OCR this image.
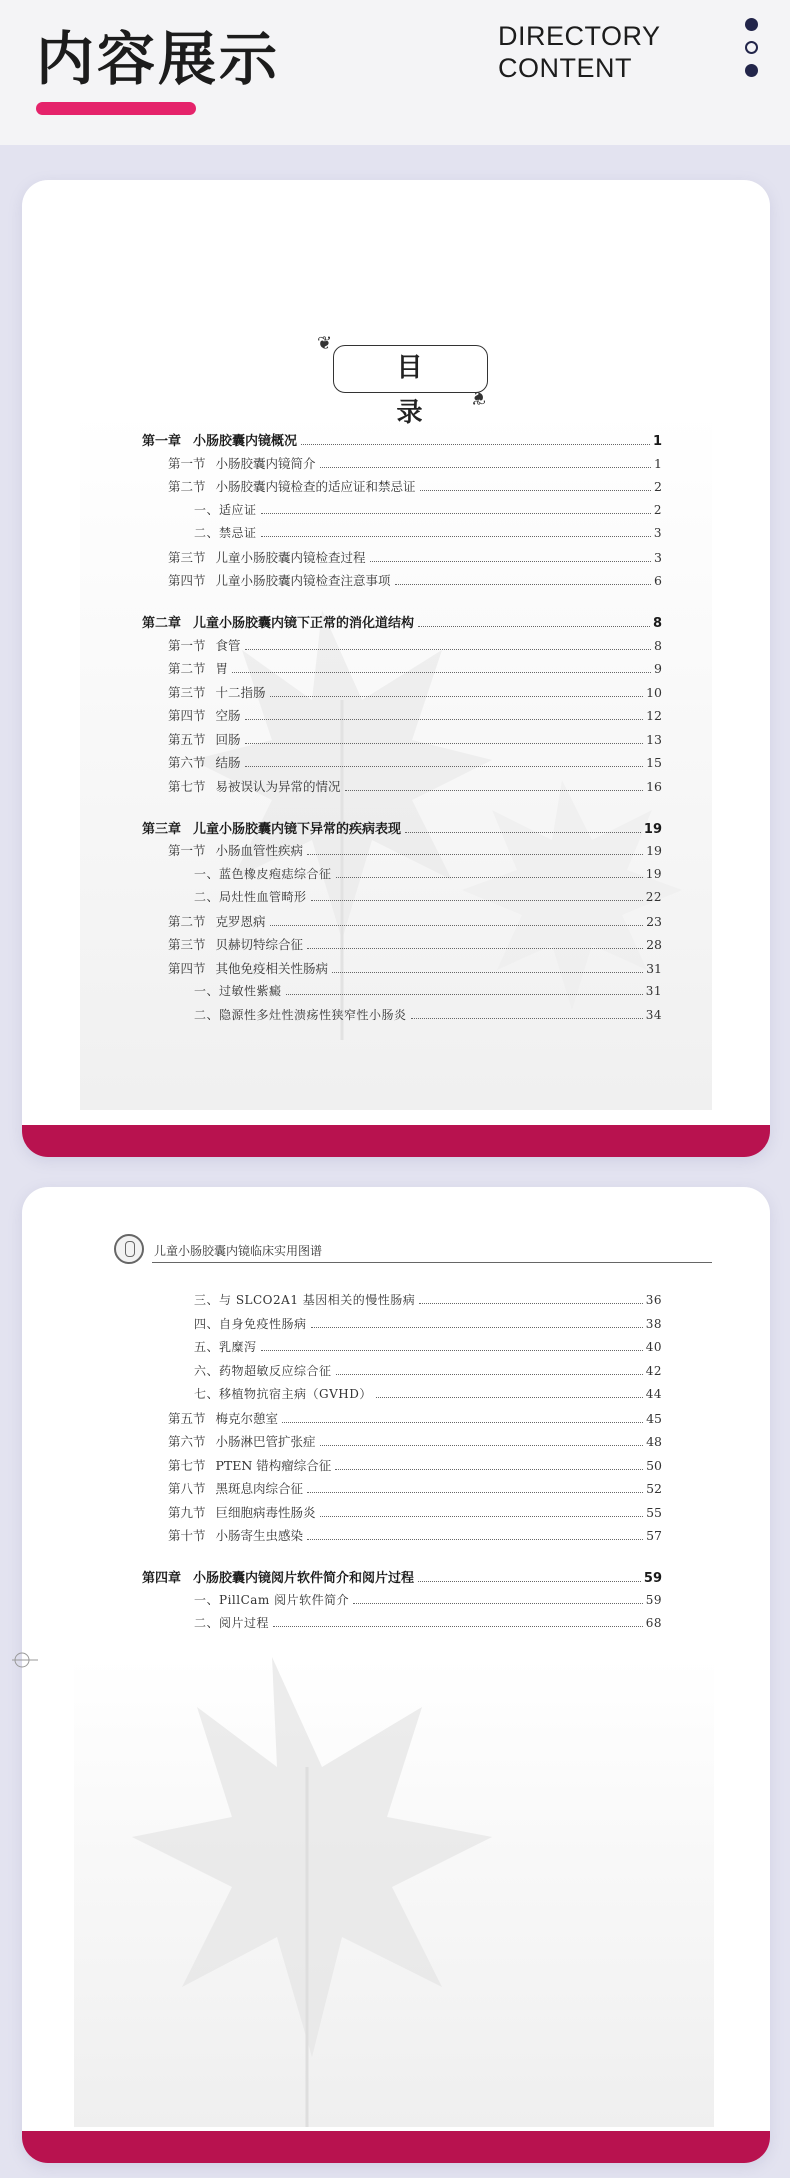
内容展示	DIRECTORY
CONTENT
❦
目 录
❦
第一章 小肠胶囊内镜概况	1
第一节 小肠胶囊内镜简介	1
第二节 小肠胶囊内镜检查的适应证和禁忌证	2
一、适应证	2
二、禁忌证	3
第三节 儿童小肠胶囊内镜检查过程	3
第四节 儿童小肠胶囊内镜检查注意事项	6
第二章 儿童小肠胶囊内镜下正常的消化道结构	8
第一节 食管	8
第二节 胃	9
第三节 十二指肠	10
第四节 空肠	12
第五节 回肠	13
第六节 结肠	15
第七节 易被误认为异常的情况	16
第三章 儿童小肠胶囊内镜下异常的疾病表现	19
第一节 小肠血管性疾病	19
一、蓝色橡皮疱痣综合征	19
二、局灶性血管畸形	22
第二节 克罗恩病	23
第三节 贝赫切特综合征	28
第四节 其他免疫相关性肠病	31
一、过敏性紫癜	31
二、隐源性多灶性溃疡性狭窄性小肠炎	34
儿童小肠胶囊内镜临床实用图谱
三、与 SLCO2A1 基因相关的慢性肠病	36
四、自身免疫性肠病	38
五、乳糜泻	40
六、药物超敏反应综合征	42
七、移植物抗宿主病（GVHD）	44
第五节 梅克尔憩室	45
第六节 小肠淋巴管扩张症	48
第七节 PTEN 错构瘤综合征	50
第八节 黑斑息肉综合征	52
第九节 巨细胞病毒性肠炎	55
第十节 小肠寄生虫感染	57
第四章 小肠胶囊内镜阅片软件简介和阅片过程	59
一、PillCam 阅片软件简介	59
二、阅片过程	68
